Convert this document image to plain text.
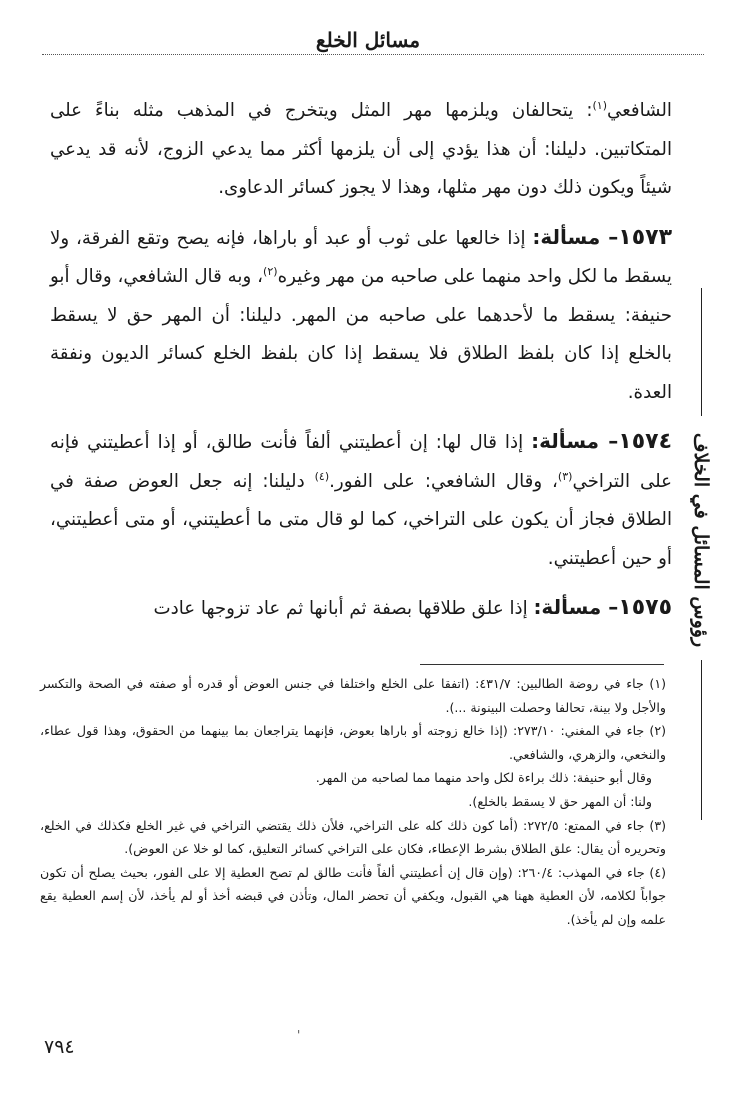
مسائل الخلع
رؤوس المسائل في الخلاف

الشافعي$^{(١)}$: يتحالفان ويلزمها مهر المثل ويتخرج في المذهب مثله بناءً على المتكاتبين. دليلنا: أن هذا يؤدي إلى أن يلزمها أكثر مما يدعي الزوج، لأنه قد يدعي شيئاً ويكون ذلك دون مهر مثلها، وهذا لا يجوز كسائر الدعاوى.

١٥٧٣– مسألة: إذا خالعها على ثوب أو عبد أو باراها، فإنه يصح وتقع الفرقة، ولا يسقط ما لكل واحد منهما على صاحبه من مهر وغيره$^{(٢)}$، وبه قال الشافعي، وقال أبو حنيفة: يسقط ما لأحدهما على صاحبه من المهر. دليلنا: أن المهر حق لا يسقط بالخلع إذا كان بلفظ الطلاق فلا يسقط إذا كان بلفظ الخلع كسائر الديون ونفقة العدة.

١٥٧٤– مسألة: إذا قال لها: إن أعطيتني ألفاً فأنت طالق، أو إذا أعطيتني فإنه على التراخي$^{(٣)}$، وقال الشافعي: على الفور.$^{(٤)}$ دليلنا: إنه جعل العوض صفة في الطلاق فجاز أن يكون على التراخي، كما لو قال متى ما أعطيتني، أو متى أعطيتني، أو حين أعطيتني.

١٥٧٥– مسألة: إذا علق طلاقها بصفة ثم أبانها ثم عاد تزوجها عادت

(١) جاء في روضة الطالبين: ٤٣١/٧: (اتفقا على الخلع واختلفا في جنس العوض أو قدره أو صفته في الصحة والتكسر والأجل ولا بينة، تحالفا وحصلت البينونة ...).

(٢) جاء في المغني: ٢٧٣/١٠: (إذا خالع زوجته أو باراها بعوض، فإنهما يتراجعان بما بينهما من الحقوق، وهذا قول عطاء، والنخعي، والزهري، والشافعي.

وقال أبو حنيفة: ذلك براءة لكل واحد منهما مما لصاحبه من المهر.

ولنا: أن المهر حق لا يسقط بالخلع).

(٣) جاء في الممتع: ٢٧٢/٥: (أما كون ذلك كله على التراخي، فلأن ذلك يقتضي التراخي في غير الخلع فكذلك في الخلع، وتحريره أن يقال: علق الطلاق بشرط الإعطاء، فكان على التراخي كسائر التعليق، كما لو خلا عن العوض).

(٤) جاء في المهذب: ٢٦٠/٤: (وإن قال إن أعطيتني ألفاً فأنت طالق لم تصح العطية إلا على الفور، بحيث يصلح أن تكون جواباً لكلامه، لأن العطية ههنا هي القبول، ويكفي أن تحضر المال، وتأذن في قبضه أخذ أو لم يأخذ، لأن إسم العطية يقع علمه وإن لم يأخذ).

'
٧٩٤
